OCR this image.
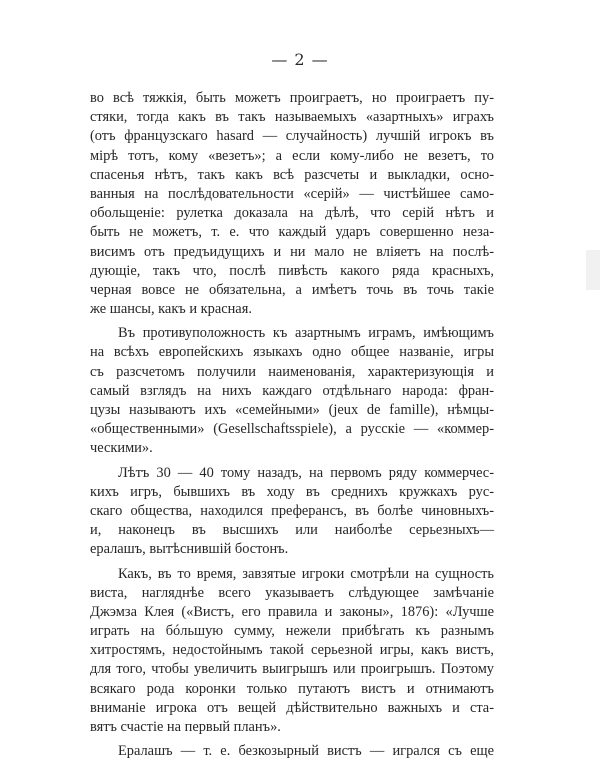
— 2 —
во всѣ тяжкія, быть можетъ проиграетъ, но проиграетъ пу-
стяки, тогда какъ въ такъ называемыхъ «азартныхъ» играхъ
(отъ французскаго hasard — случайность) лучшій игрокъ въ
мірѣ тотъ, кому «везетъ»; а если кому-либо не везетъ, то
спасенья нѣтъ, такъ какъ всѣ разсчеты и выкладки, осно-
ванныя на послѣдовательности «серій» — чистѣйшее само-
обольщеніе: рулетка доказала на дѣлѣ, что серій нѣтъ и
быть не можетъ, т. е. что каждый ударъ совершенно неза-
висимъ отъ предъидущихъ и ни мало не вліяетъ на послѣ-
дующіе, такъ что, послѣ пивѣсть какого ряда красныхъ,
черная вовсе не обязательна, а имѣетъ точь въ точь такіе
же шансы, какъ и красная.
Въ противуположность къ азартнымъ играмъ, имѣющимъ
на всѣхъ европейскихъ языкахъ одно общее названіе, игры
съ разсчетомъ получили наименованія, характеризующія и
самый взглядъ на нихъ каждаго отдѣльнаго народа: фран-
цузы называютъ ихъ «семейными» (jeux de famille), нѣмцы-
«общественными» (Gesellschaftsspiele), а русскіе — «коммер-
ческими».
Лѣтъ 30 — 40 тому назадъ, на первомъ ряду коммерчес-
кихъ игръ, бывшихъ въ ходу въ среднихъ кружкахъ рус-
скаго общества, находился преферансъ, въ болѣе чиновныхъ-
и, наконецъ въ высшихъ или наиболѣе серьезныхъ—
ералашъ, вытѣснившій бостонъ.
Какъ, въ то время, завзятые игроки смотрѣли на сущность
виста, нагляднѣе всего указываетъ слѣдующее замѣчаніе
Джэмза Клея («Вистъ, его правила и законы», 1876): «Лучше
играть на бóльшую сумму, нежели прибѣгать къ разнымъ
хитростямъ, недостойнымъ такой серьезной игры, какъ вистъ,
для того, чтобы увеличить выигрышъ или проигрышъ. Поэтому
всякаго рода коронки только путаютъ вистъ и отнимаютъ
вниманіе игрока отъ вещей дѣйствительно важныхъ и ста-
вятъ счастіе на первый планъ».
Ералашъ — т. е. безкозырный вистъ — игрался съ еще
